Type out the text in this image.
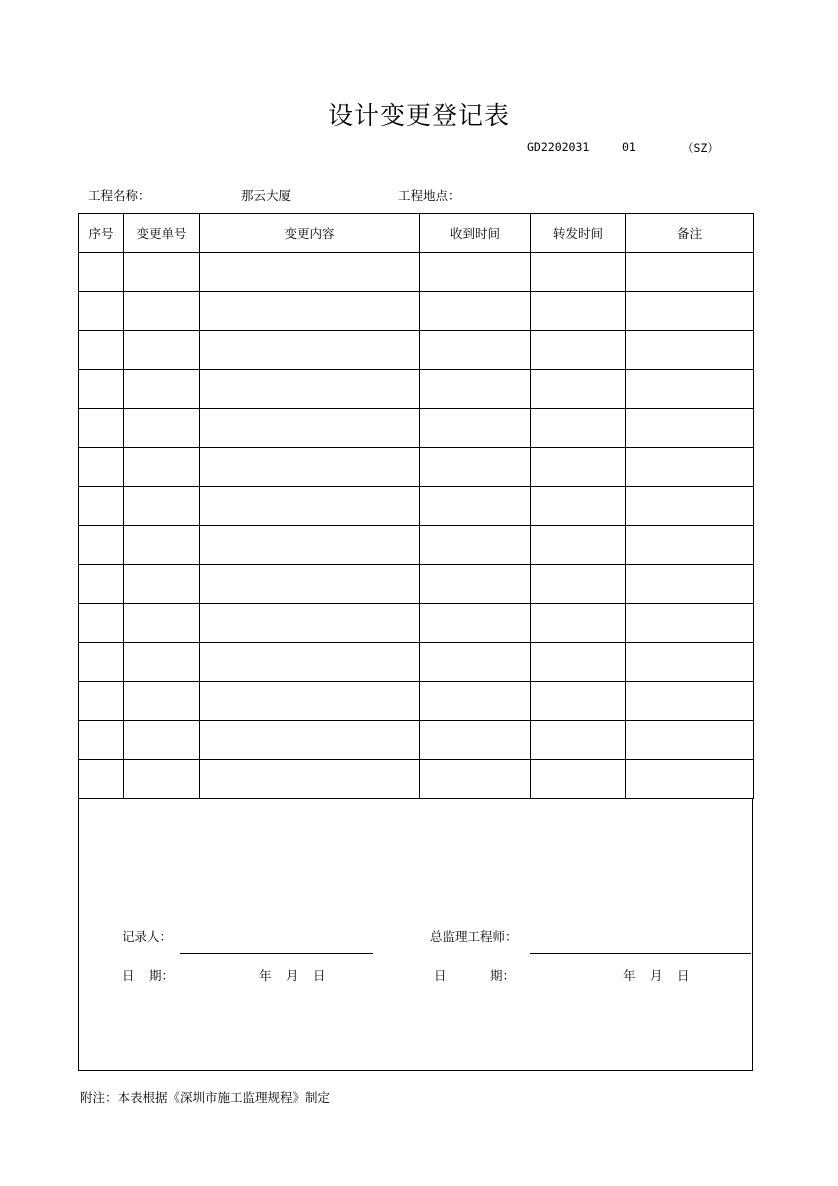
设计变更登记表
GD2202031	01	（SZ）
工程名称：	那云大厦	工程地点：
序号	变更单号	变更内容	收到时间	转发时间	备注

记录人：	总监理工程师：
日 期：	年 月 日	日	期：	年 月 日
附注：本表根据《深圳市施工监理规程》制定
